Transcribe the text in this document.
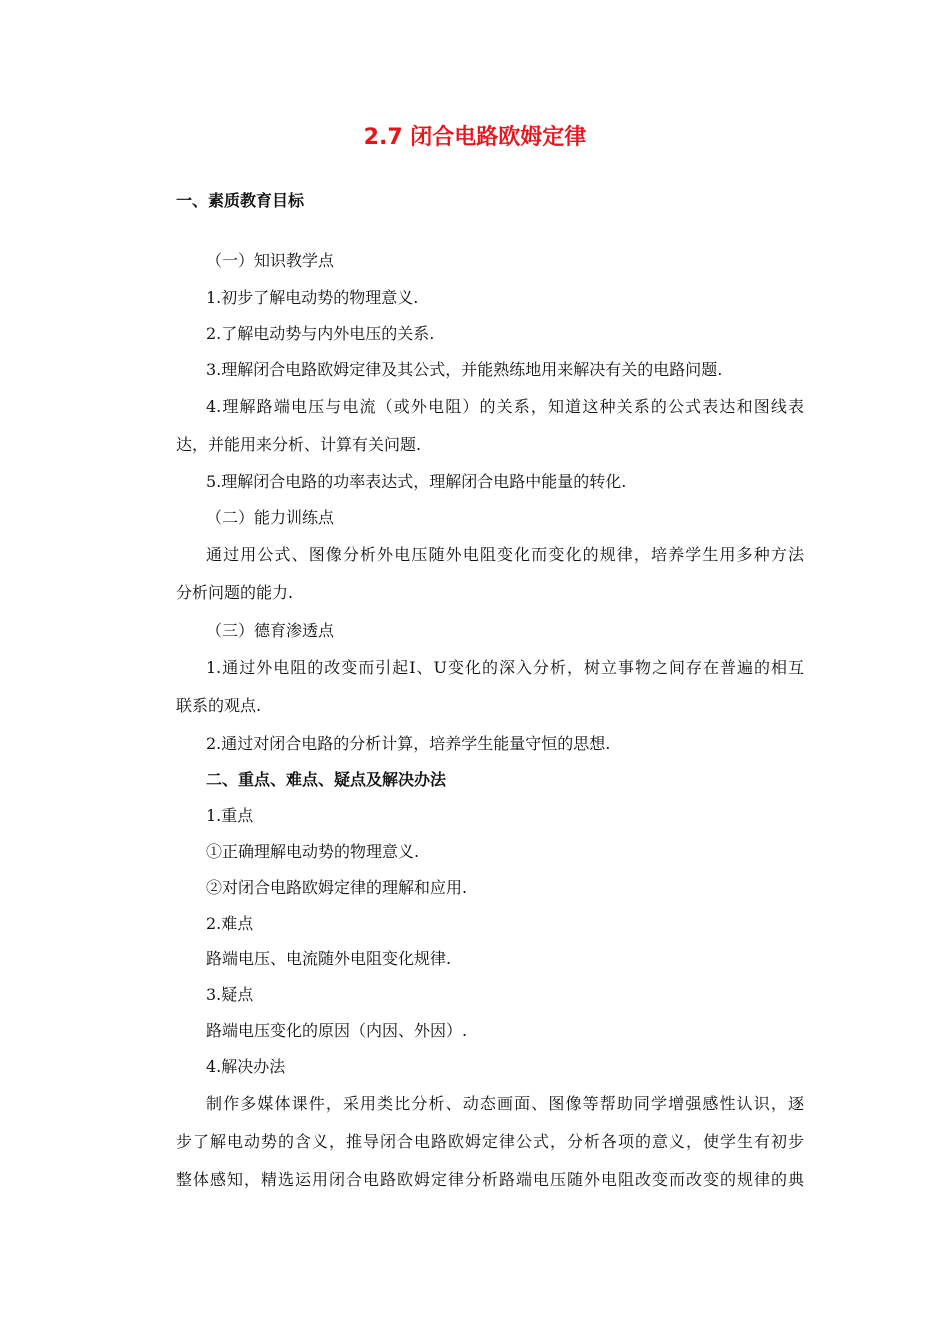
2.7 闭合电路欧姆定律
一、素质教育目标
（一）知识教学点
1.初步了解电动势的物理意义.
2.了解电动势与内外电压的关系.
3.理解闭合电路欧姆定律及其公式，并能熟练地用来解决有关的电路问题.
4.理解路端电压与电流（或外电阻）的关系，知道这种关系的公式表达和图线表
达，并能用来分析、计算有关问题.
5.理解闭合电路的功率表达式，理解闭合电路中能量的转化.
（二）能力训练点
通过用公式、图像分析外电压随外电阻变化而变化的规律，培养学生用多种方法
分析问题的能力.
（三）德育渗透点
1.通过外电阻的改变而引起I、U变化的深入分析，树立事物之间存在普遍的相互
联系的观点.
2.通过对闭合电路的分析计算，培养学生能量守恒的思想.
二、重点、难点、疑点及解决办法
1.重点
①正确理解电动势的物理意义.
②对闭合电路欧姆定律的理解和应用.
2.难点
路端电压、电流随外电阻变化规律.
3.疑点
路端电压变化的原因（内因、外因）.
4.解决办法
制作多媒体课件，采用类比分析、动态画面、图像等帮助同学增强感性认识，逐
步了解电动势的含义，推导闭合电路欧姆定律公式，分析各项的意义，使学生有初步
整体感知，精选运用闭合电路欧姆定律分析路端电压随外电阻改变而改变的规律的典
